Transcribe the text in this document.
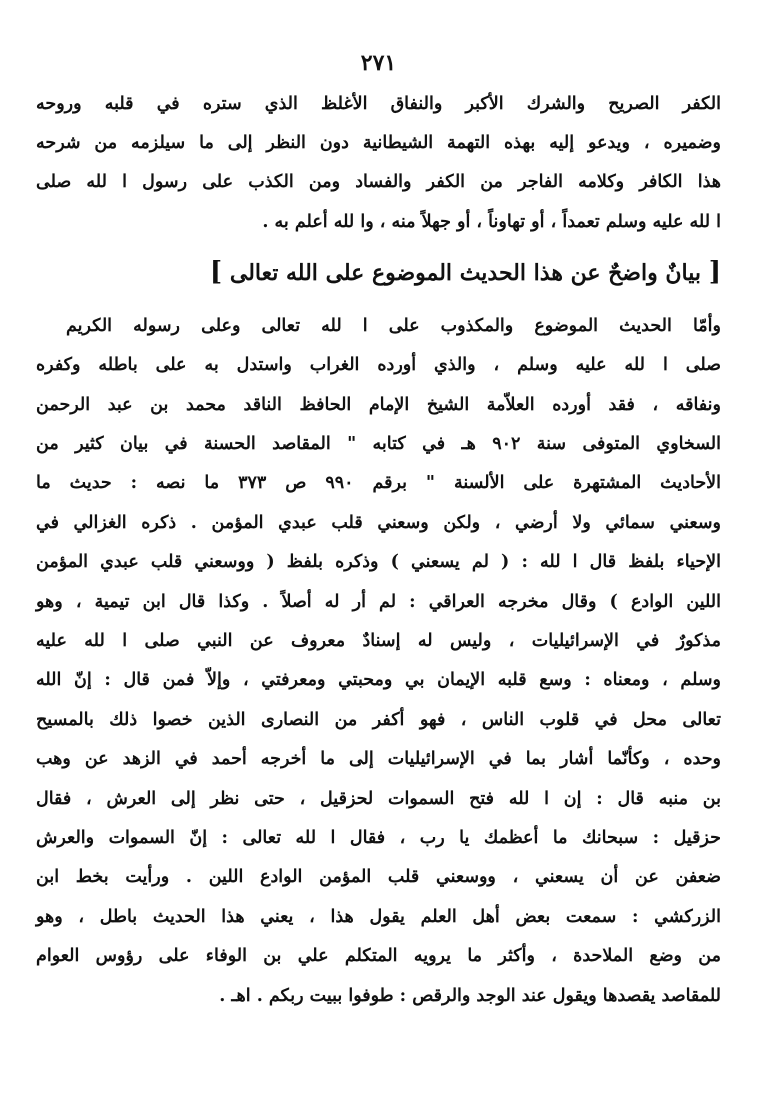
٢٧١
الكفر الصريح والشرك الأكبر والنفاق الأغلظ الذي ستره في قلبه وروحه
وضميره ، ويدعو إليه بهذه التهمة الشيطانية دون النظر إلى ما سيلزمه من شرحه
هذا الكافر وكلامه الفاجر من الكفر والفساد ومن الكذب على رسول ا لله صلى
ا لله عليه وسلم تعمداً ، أو تهاوناً ، أو جهلاً منه ، وا لله أعلم به .
[ بيانٌ واضحٌ عن هذا الحديث الموضوع على الله تعالى ]
وأمّا الحديث الموضوع والمكذوب على ا لله تعالى وعلى رسوله الكريم
صلى ا لله عليه وسلم ، والذي أورده الغراب واستدل به على باطله وكفره
ونفاقه ، فقد أورده العلاّمة الشيخ الإمام الحافظ الناقد محمد بن عبد الرحمن
السخاوي المتوفى سنة ٩٠٢ هـ في كتابه " المقاصد الحسنة في بيان كثير من
الأحاديث المشتهرة على الألسنة " برقم ٩٩٠ ص ٣٧٣ ما نصه : حديث ما
وسعني سمائي ولا أرضي ، ولكن وسعني قلب عبدي المؤمن . ذكره الغزالي في
الإحياء بلفظ قال ا لله : ( لم يسعني ) وذكره بلفظ ( ووسعني قلب عبدي المؤمن
اللين الوادع ) وقال مخرجه العراقي : لم أر له أصلاً . وكذا قال ابن تيمية ، وهو
مذكورٌ في الإسرائيليات ، وليس له إسنادٌ معروف عن النبي صلى ا لله عليه
وسلم ، ومعناه : وسع قلبه الإيمان بي ومحبتي ومعرفتي ، وإلاّ فمن قال : إنّ الله
تعالى محل في قلوب الناس ، فهو أكفر من النصارى الذين خصوا ذلك بالمسيح
وحده ، وكأنّما أشار بما في الإسرائيليات إلى ما أخرجه أحمد في الزهد عن وهب
بن منبه قال : إن ا لله فتح السموات لحزقيل ، حتى نظر إلى العرش ، فقال
حزقيل : سبحانك ما أعظمك يا رب ، فقال ا لله تعالى : إنّ السموات والعرش
ضعفن عن أن يسعني ، ووسعني قلب المؤمن الوادع اللين . ورأيت بخط ابن
الزركشي : سمعت بعض أهل العلم يقول هذا ، يعني هذا الحديث باطل ، وهو
من وضع الملاحدة ، وأكثر ما يرويه المتكلم علي بن الوفاء على رؤوس العوام
للمقاصد يقصدها ويقول عند الوجد والرقص : طوفوا ببيت ربكم . اهـ .
